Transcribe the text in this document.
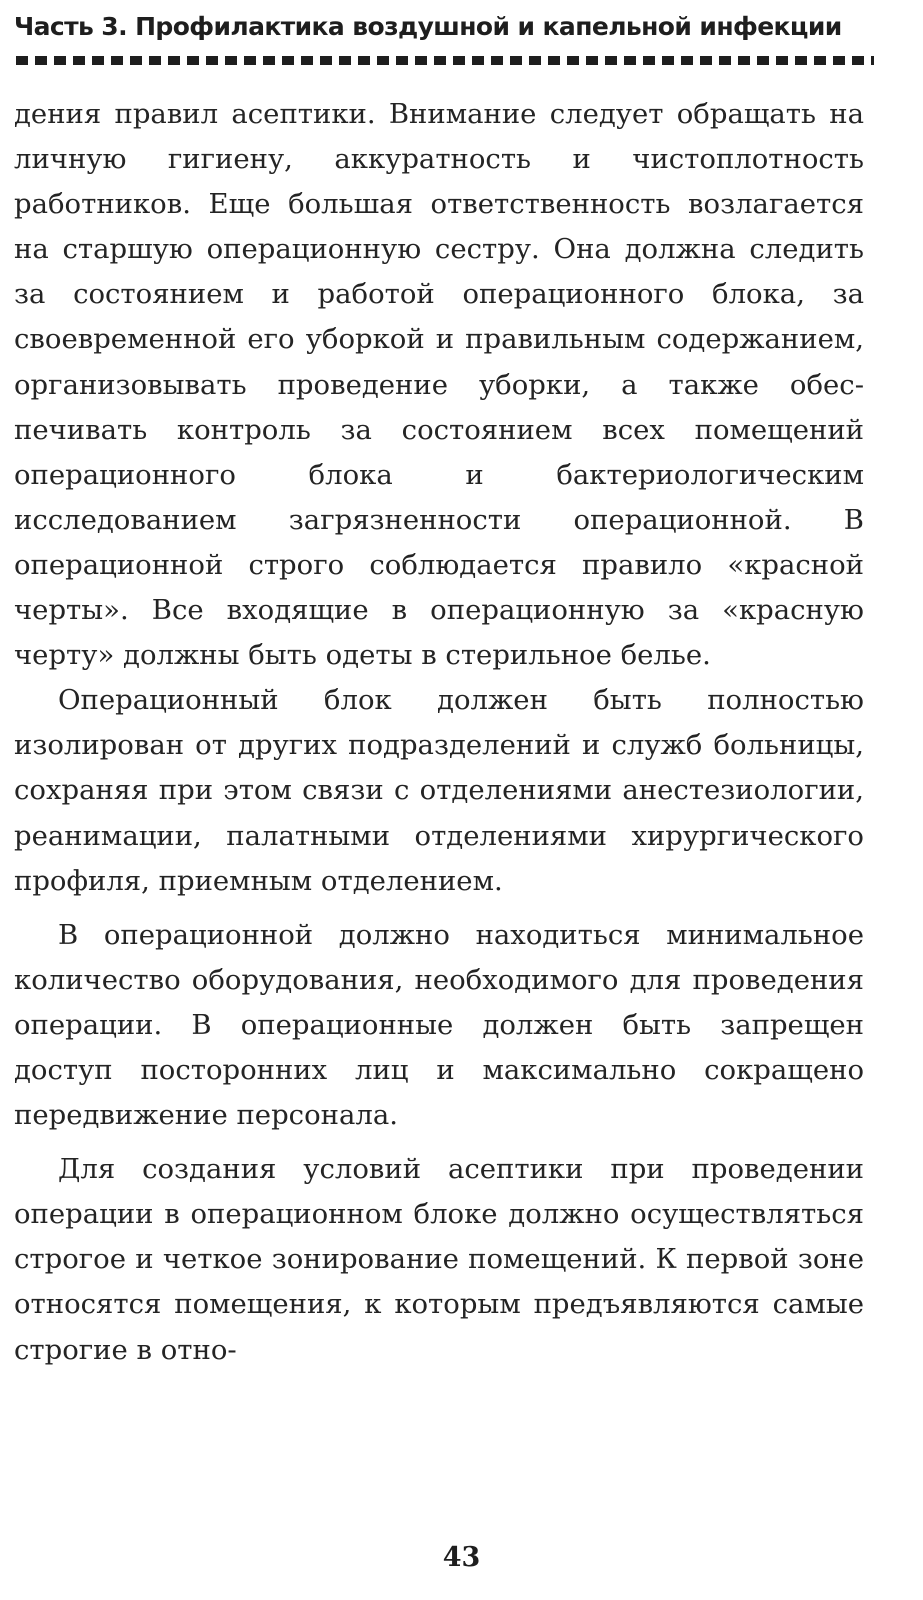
Часть 3. Профилактика воздушной и капельной инфекции

дения правил асептики. Внимание следует обращать на личную гигиену, аккуратность и чистоплотность работников. Еще большая ответственность возлагается на старшую операционную сестру. Она должна следить за состоянием и работой операционного блока, за своевременной его уборкой и правильным содержанием, организовывать проведение уборки, а также обеспечивать контроль за состоянием всех помещений операционного блока и бактериологическим исследованием загрязненности операционной. В операционной строго соблюдается правило «красной черты». Все входящие в операционную за «красную черту» должны быть одеты в стерильное белье.

Операционный блок должен быть полностью изолирован от других подразделений и служб больницы, сохраняя при этом связи с отделениями анестезиологии, реанимации, палатными отделениями хирургического профиля, приемным отделением.

В операционной должно находиться минимальное количество оборудования, необходимого для проведения операции. В операционные должен быть запрещен доступ посторонних лиц и максимально сокращено передвижение персонала.

Для создания условий асептики при проведении операции в операционном блоке должно осуществляться строгое и четкое зонирование помещений. К первой зоне относятся помещения, к которым предъявляются самые строгие в отно-

43
